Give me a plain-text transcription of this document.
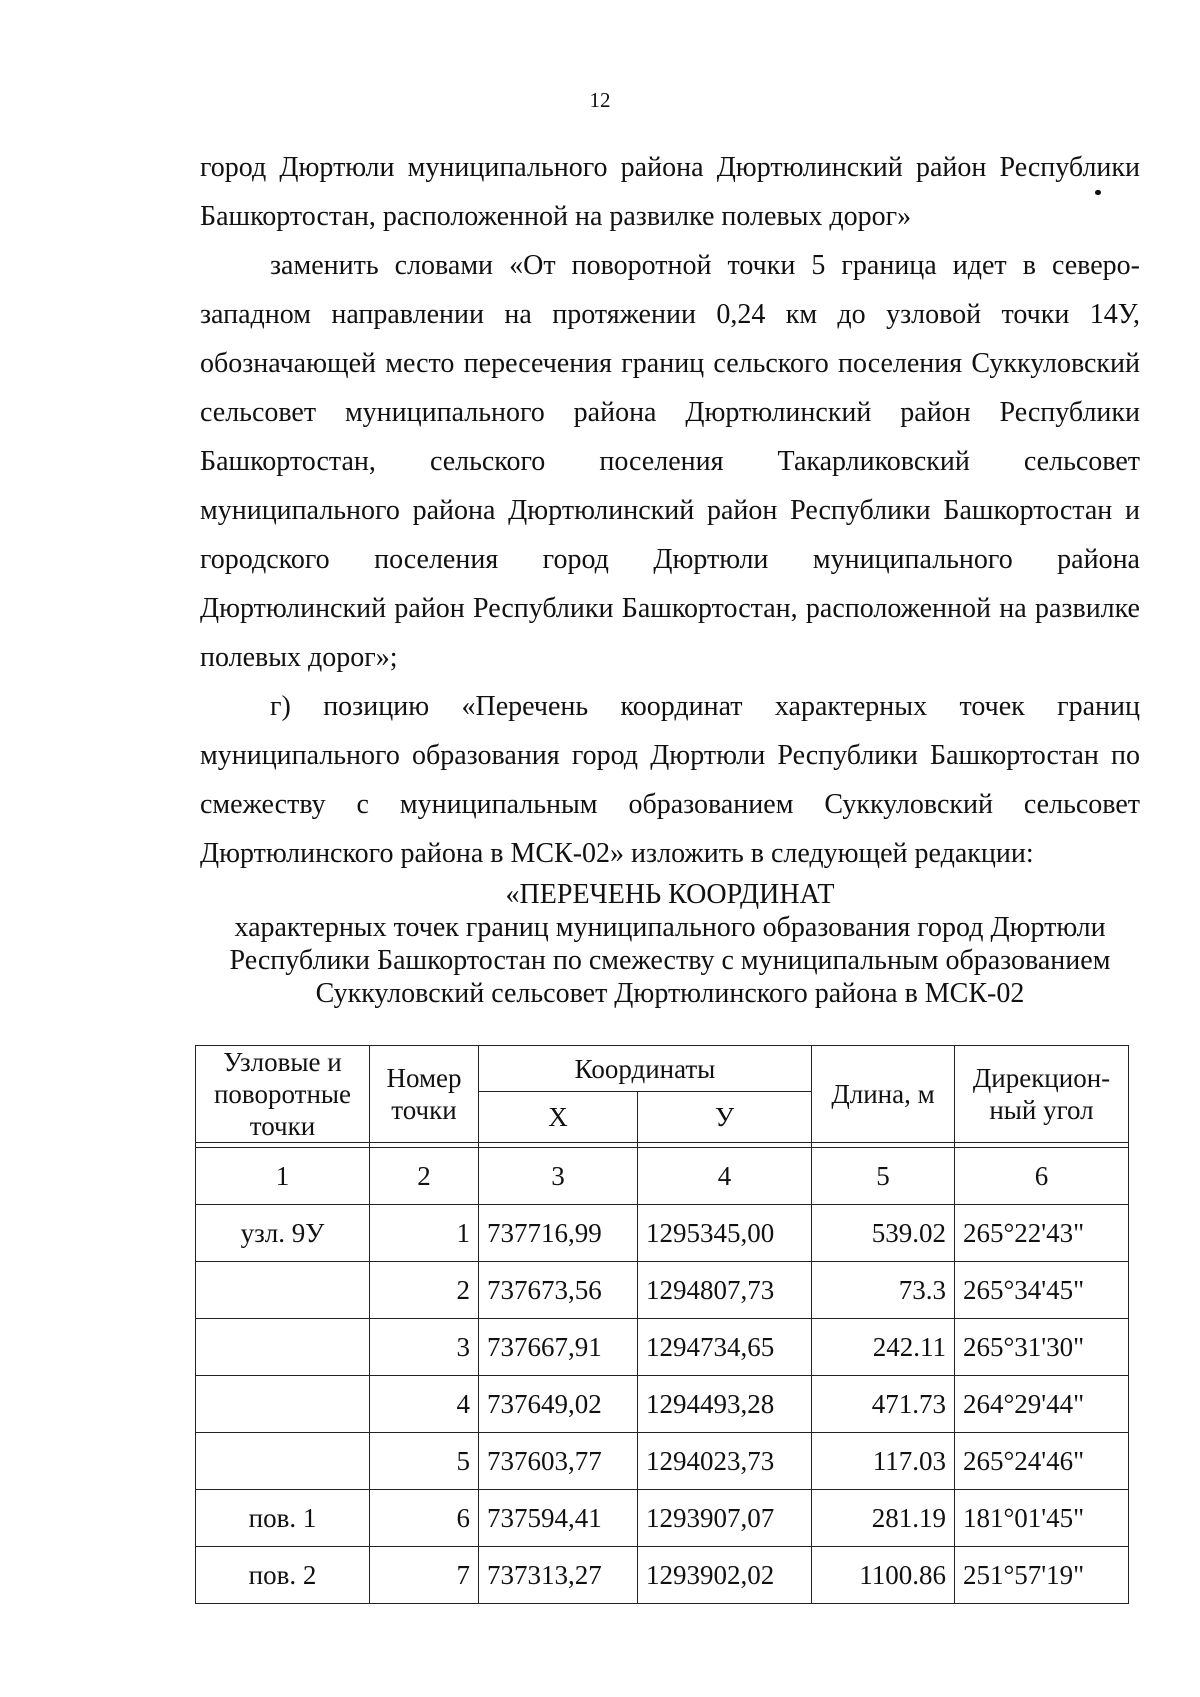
12

город Дюртюли муниципального района Дюртюлинский район Республики Башкортостан, расположенной на развилке полевых дорог»

заменить словами «От поворотной точки 5 граница идет в северо-западном направлении на протяжении 0,24 км до узловой точки 14У, обозначающей место пересечения границ сельского поселения Суккуловский сельсовет муниципального района Дюртюлинский район Республики Башкортостан, сельского поселения Такарликовский сельсовет муниципального района Дюртюлинский район Республики Башкортостан и городского поселения город Дюртюли муниципального района Дюртюлинский район Республики Башкортостан, расположенной на развилке полевых дорог»;

г) позицию «Перечень координат характерных точек границ муниципального образования город Дюртюли Республики Башкортостан по смежеству с муниципальным образованием Суккуловский сельсовет Дюртюлинского района в МСК-02» изложить в следующей редакции:

«ПЕРЕЧЕНЬ КООРДИНАТ
характерных точек границ муниципального образования город Дюртюли
Республики Башкортостан по смежеству с муниципальным образованием
Суккуловский сельсовет Дюртюлинского района в МСК-02
Узловые и поворотные точки	Номер точки	Координаты		Длина, м	Дирекцион-ный угол
		X	У		

1	2	3	4	5	6
узл. 9У	1	737716,99	1295345,00	539.02	265°22'43"
	2	737673,56	1294807,73	73.3	265°34'45"
	3	737667,91	1294734,65	242.11	265°31'30"
	4	737649,02	1294493,28	471.73	264°29'44"
	5	737603,77	1294023,73	117.03	265°24'46"
пов. 1	6	737594,41	1293907,07	281.19	181°01'45"
пов. 2	7	737313,27	1293902,02	1100.86	251°57'19"
